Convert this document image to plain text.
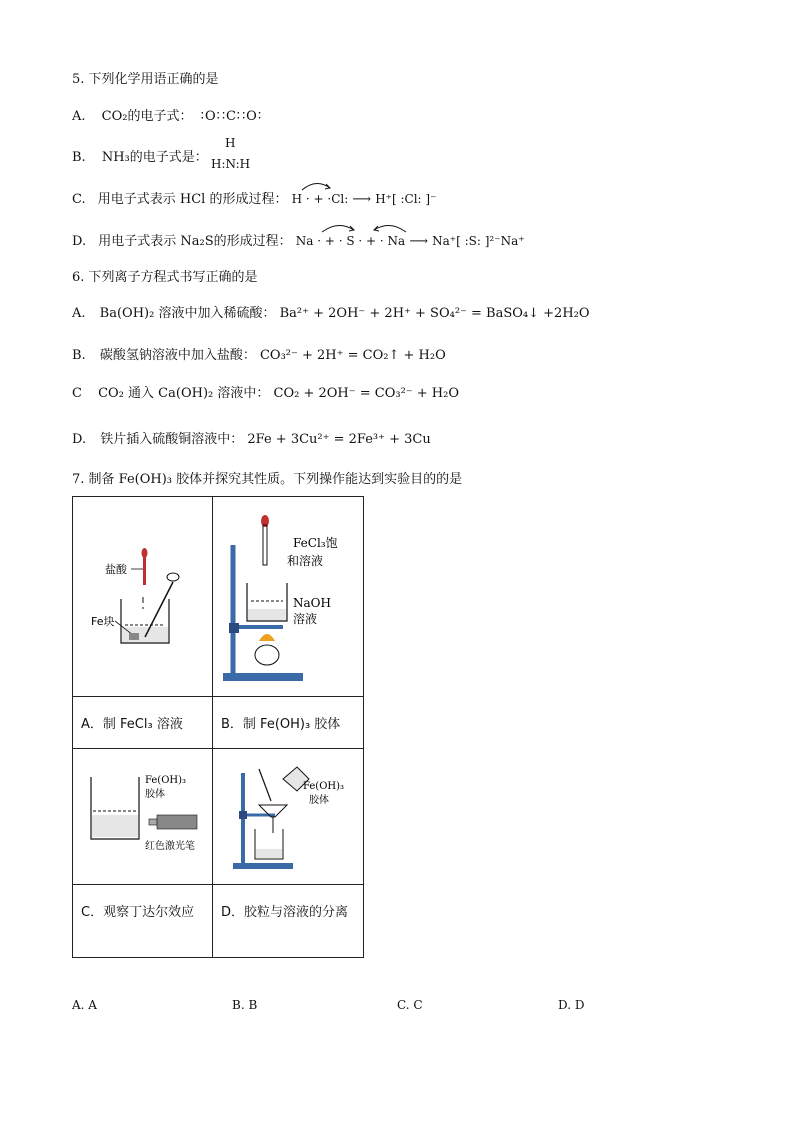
5. 下列化学用语正确的是
A. CO₂的电子式： ∶O∷C∷O∶
B. NH₃的电子式是：
H
H:N:H
C. 用电子式表示 HCl 的形成过程： H · + ·Cl: ⟶ H⁺[ :Cl: ]⁻
D. 用电子式表示 Na₂S的形成过程： Na · + · S · + · Na ⟶ Na⁺[ :S: ]²⁻Na⁺
6. 下列离子方程式书写正确的是
A. Ba(OH)₂ 溶液中加入稀硫酸： Ba²⁺ + 2OH⁻ + 2H⁺ + SO₄²⁻ = BaSO₄↓ +2H₂O
B. 碳酸氢钠溶液中加入盐酸： CO₃²⁻ + 2H⁺ = CO₂↑ + H₂O
C CO₂ 通入 Ca(OH)₂ 溶液中： CO₂ + 2OH⁻ = CO₃²⁻ + H₂O
D. 铁片插入硫酸铜溶液中： 2Fe + 3Cu²⁺ = 2Fe³⁺ + 3Cu
7. 制备 Fe(OH)₃ 胶体并探究其性质。下列操作能达到实验目的的是
盐酸
Fe块
FeCl₃饱
和溶液
NaOH
溶液
A．制 FeCl₃ 溶液	B．制 Fe(OH)₃ 胶体
Fe(OH)₃
胶体
红色激光笔
Fe(OH)₃
胶体
C．观察丁达尔效应	D．胶粒与溶液的分离
A. A	B. B	C. C	D. D
